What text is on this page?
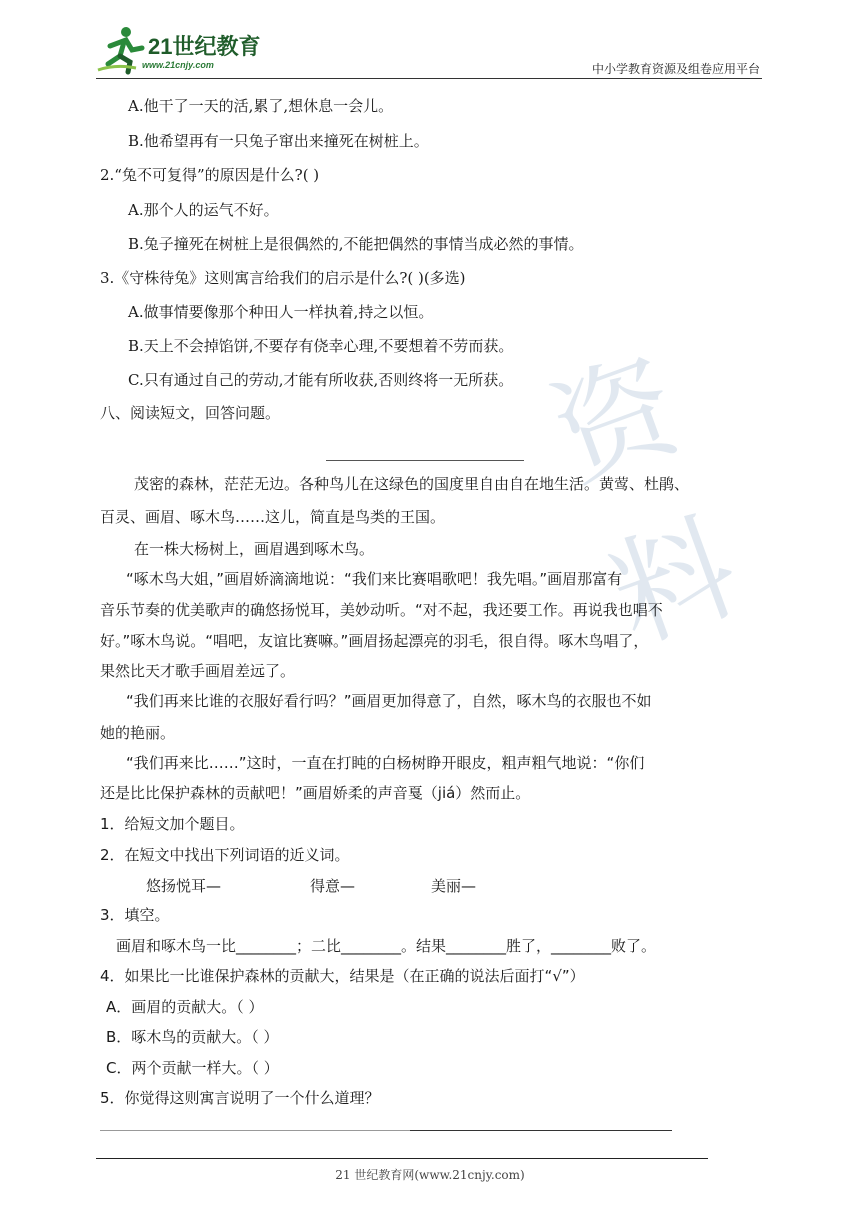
21世纪教育
www.21cnjy.com	中小学教育资源及组卷应用平台
资料
A.他干了一天的活,累了,想休息一会儿。
B.他希望再有一只兔子窜出来撞死在树桩上。
2.“兔不可复得”的原因是什么?( )
A.那个人的运气不好。
B.兔子撞死在树桩上是很偶然的,不能把偶然的事情当成必然的事情。
3.《守株待兔》这则寓言给我们的启示是什么?( )(多选)
A.做事情要像那个种田人一样执着,持之以恒。
B.天上不会掉馅饼,不要存有侥幸心理,不要想着不劳而获。
C.只有通过自己的劳动,才能有所收获,否则终将一无所获。
八、阅读短文，回答问题。
茂密的森林，茫茫无边。各种鸟儿在这绿色的国度里自由自在地生活。黄莺、杜鹃、
百灵、画眉、啄木鸟……这儿，简直是鸟类的王国。
在一株大杨树上，画眉遇到啄木鸟。
“啄木鸟大姐，”画眉娇滴滴地说：“我们来比赛唱歌吧！我先唱。”画眉那富有
音乐节奏的优美歌声的确悠扬悦耳，美妙动听。“对不起，我还要工作。再说我也唱不
好。”啄木鸟说。“唱吧，友谊比赛嘛。”画眉扬起漂亮的羽毛，很自得。啄木鸟唱了，
果然比天才歌手画眉差远了。
“我们再来比谁的衣服好看行吗？”画眉更加得意了，自然，啄木鸟的衣服也不如
她的艳丽。
“我们再来比……”这时，一直在打盹的白杨树睁开眼皮，粗声粗气地说：“你们
还是比比保护森林的贡献吧！”画眉娇柔的声音戛（jiá）然而止。
1．给短文加个题目。
2．在短文中找出下列词语的近义词。
悠扬悦耳—	得意—	美丽—
3．填空。
画眉和啄木鸟一比________；二比________。结果________胜了，________败了。
4．如果比一比谁保护森林的贡献大，结果是（在正确的说法后面打“√”）
A．画眉的贡献大。（ ）
B．啄木鸟的贡献大。（ ）
C．两个贡献一样大。（ ）
5．你觉得这则寓言说明了一个什么道理？
21 世纪教育网(www.21cnjy.com)
